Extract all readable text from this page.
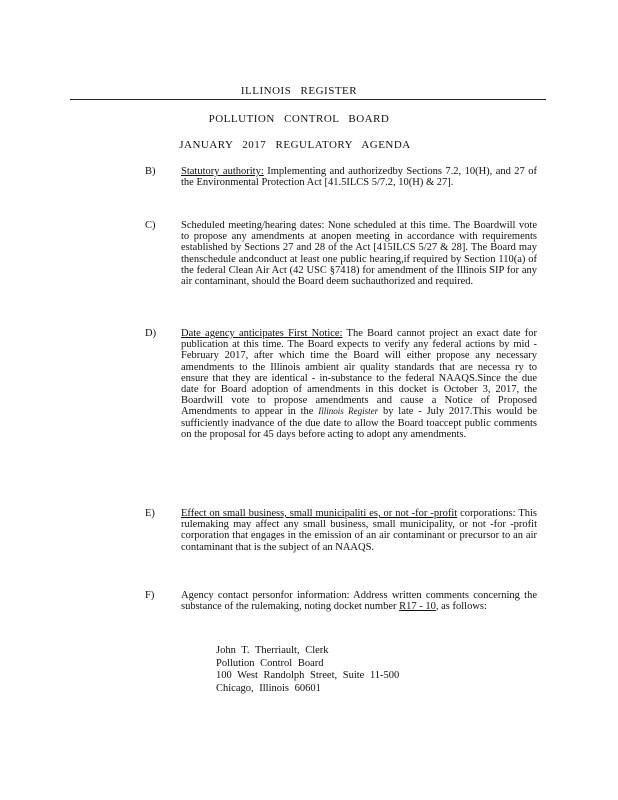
ILLINOIS REGISTER
POLLUTION CONTROL BOARD
JANUARY 2017 REGULATORY AGENDA
B)	Statutory authority: Implementing and authorizedby Sections 7.2, 10(H), and 27 of the Environmental Protection Act [41.5ILCS 5/7.2, 10(H) & 27].
C)	Scheduled meeting/hearing dates: None scheduled at this time. The Boardwill vote to propose any amendments at anopen meeting in accordance with requirements established by Sections 27 and 28 of the Act [415ILCS 5/27 & 28]. The Board may thenschedule andconduct at least one public hearing,if required by Section 110(a) of the federal Clean Air Act (42 USC §7418) for amendment of the Illinois SIP for any air contaminant, should the Board deem suchauthorized and required.
D)	Date agency anticipates First Notice: The Board cannot project an exact date for publication at this time. The Board expects to verify any federal actions by mid -February 2017, after which time the Board will either propose any necessary amendments to the Illinois ambient air quality standards that are necessa ry to ensure that they are identical - in-substance to the federal NAAQS.Since the due date for Board adoption of amendments in this docket is October 3, 2017, the Boardwill vote to propose amendments and cause a Notice of Proposed Amendments to appear in the Illinois Register by late - July 2017.This would be sufficiently inadvance of the due date to allow the Board toaccept public comments on the proposal for 45 days before acting to adopt any amendments.
E)	Effect on small business, small municipaliti es, or not -for -profit corporations: This rulemaking may affect any small business, small municipality, or not -for -profit corporation that engages in the emission of an air contaminant or precursor to an air contaminant that is the subject of an NAAQS.
F)	Agency contact personfor information: Address written comments concerning the substance of the rulemaking, noting docket number R17 - 10, as follows:
John T. Therriault, Clerk
Pollution Control Board
100 West Randolph Street, Suite 11-500
Chicago, Illinois 60601
